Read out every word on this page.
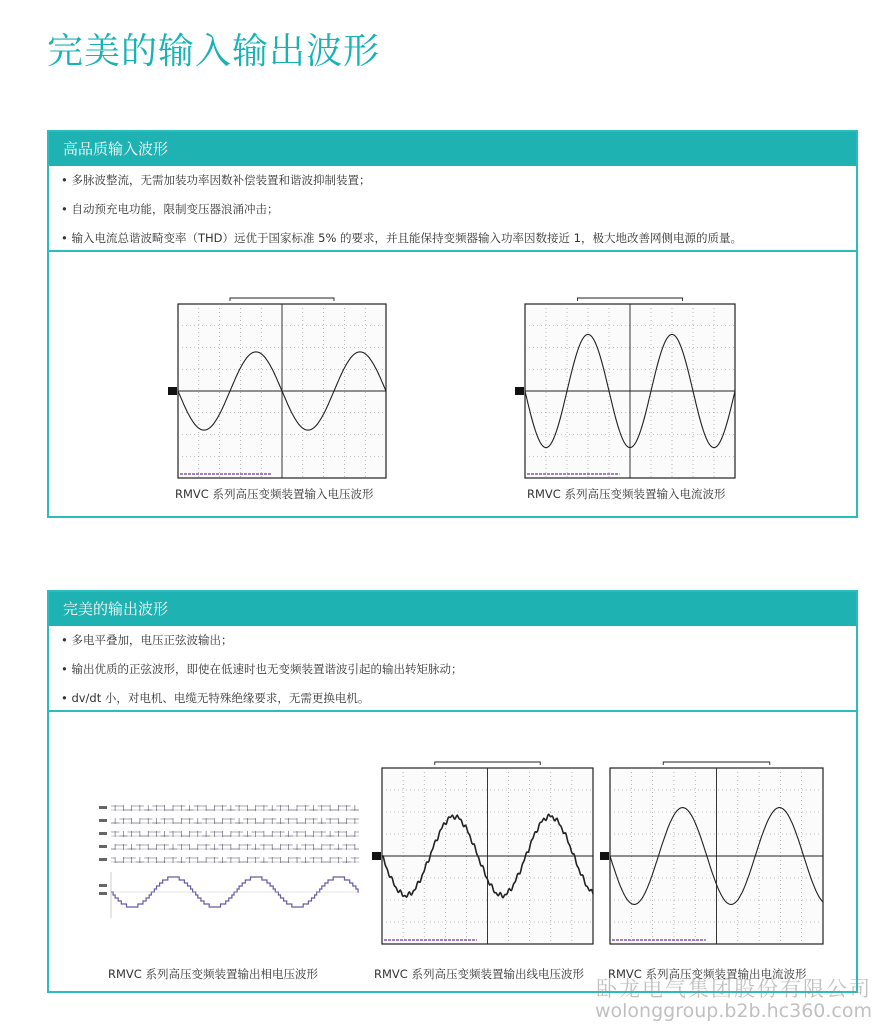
完美的输入输出波形
高品质输入波形
• 多脉波整流，无需加装功率因数补偿装置和谐波抑制装置；
• 自动预充电功能，限制变压器浪涌冲击；
• 输入电流总谐波畸变率（THD）远优于国家标准 5% 的要求，并且能保持变频器输入功率因数接近 1，极大地改善网侧电源的质量。
完美的输出波形
• 多电平叠加，电压正弦波输出；
• 输出优质的正弦波形，即使在低速时也无变频装置谐波引起的输出转矩脉动；
• dv/dt 小，对电机、电缆无特殊绝缘要求，无需更换电机。
RMVC 系列高压变频装置输入电压波形	RMVC 系列高压变频装置输入电流波形
RMVC 系列高压变频装置输出相电压波形	RMVC 系列高压变频装置输出线电压波形 RMVC 系列高压变频装置输出电流波形
卧龙电气集团股份有限公司
wolonggroup.b2b.hc360.com
